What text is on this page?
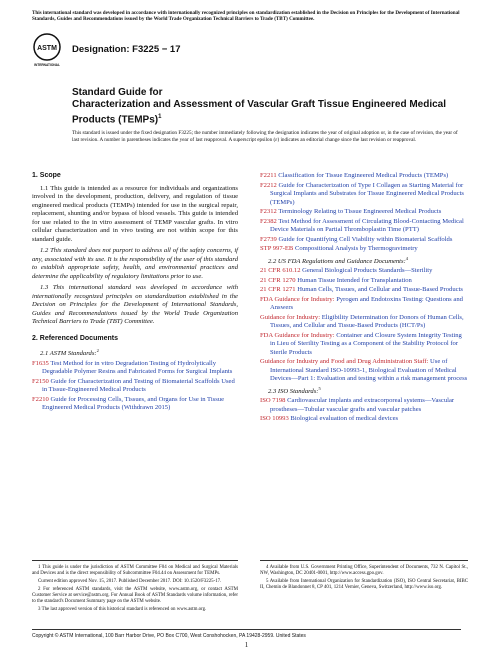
This international standard was developed in accordance with internationally recognized principles on standardization established in the Decision on Principles for the Development of International Standards, Guides and Recommendations issued by the World Trade Organization Technical Barriers to Trade (TBT) Committee.
ASTM
INTERNATIONAL
Designation: F3225 − 17
Standard Guide for
Characterization and Assessment of Vascular Graft Tissue Engineered Medical Products (TEMPs)$^1$
This standard is issued under the fixed designation F3225; the number immediately following the designation indicates the year of original adoption or, in the case of revision, the year of last revision. A number in parentheses indicates the year of last reapproval. A superscript epsilon (ε) indicates an editorial change since the last revision or reapproval.
1. Scope
1.1 This guide is intended as a resource for individuals and organizations involved in the development, production, delivery, and regulation of tissue engineered medical products (TEMPs) intended for use in the surgical repair, replacement, shunting and/or bypass of blood vessels. This guide is intended for use related to the in vitro assessment of TEMP vascular grafts. In vitro cellular characterization and in vivo testing are not within scope for this standard guide.
1.2 This standard does not purport to address all of the safety concerns, if any, associated with its use. It is the responsibility of the user of this standard to establish appropriate safety, health, and environmental practices and determine the applicability of regulatory limitations prior to use.
1.3 This international standard was developed in accordance with internationally recognized principles on standardization established in the Decision on Principles for the Development of International Standards, Guides and Recommendations issued by the World Trade Organization Technical Barriers to Trade (TBT) Committee.
2. Referenced Documents
2.1 ASTM Standards:$^2$
F1635 Test Method for in vitro Degradation Testing of Hydrolytically Degradable Polymer Resins and Fabricated Forms for Surgical Implants
F2150 Guide for Characterization and Testing of Biomaterial Scaffolds Used in Tissue-Engineered Medical Products
F2210 Guide for Processing Cells, Tissues, and Organs for Use in Tissue Engineered Medical Products (Withdrawn 2015)
F2211 Classification for Tissue Engineered Medical Products (TEMPs)
F2212 Guide for Characterization of Type I Collagen as Starting Material for Surgical Implants and Substrates for Tissue Engineered Medical Products (TEMPs)
F2312 Terminology Relating to Tissue Engineered Medical Products
F2382 Test Method for Assessment of Circulating Blood-Contacting Medical Device Materials on Partial Thromboplastin Time (PTT)
F2739 Guide for Quantifying Cell Viability within Biomaterial Scaffolds
STP 997-EB Compositional Analysis by Thermogravimetry
2.2 US FDA Regulations and Guidance Documents:$^4$
21 CFR 610.12 General Biological Products Standards—Sterility
21 CFR 1270 Human Tissue Intended for Transplantation
21 CFR 1271 Human Cells, Tissues, and Cellular and Tissue-Based Products
FDA Guidance for Industry: Pyrogen and Endotoxins Testing: Questions and Answers
Guidance for Industry: Eligibility Determination for Donors of Human Cells, Tissues, and Cellular and Tissue-Based Products (HCT/Ps)
FDA Guidance for Industry: Container and Closure System Integrity Testing in Lieu of Sterility Testing as a Component of the Stability Protocol for Sterile Products
Guidance for Industry and Food and Drug Administration Staff: Use of International Standard ISO-10993-1, Biological Evaluation of Medical Devices—Part 1: Evaluation and testing within a risk management process
2.3 ISO Standards:$^5$
ISO 7198 Cardiovascular implants and extracorporeal systems—Vascular prostheses—Tubular vascular grafts and vascular patches
ISO 10993 Biological evaluation of medical devices
1 This guide is under the jurisdiction of ASTM Committee F04 on Medical and Surgical Materials and Devices and is the direct responsibility of Subcommittee F04.44 on Assessment for TEMPs.
Current edition approved Nov. 15, 2017. Published December 2017. DOI: 10.1520/F3225-17.
2 For referenced ASTM standards, visit the ASTM website, www.astm.org, or contact ASTM Customer Service at service@astm.org. For Annual Book of ASTM Standards volume information, refer to the standard's Document Summary page on the ASTM website.
3 The last approved version of this historical standard is referenced on www.astm.org.
4 Available from U.S. Government Printing Office, Superintendent of Documents, 732 N. Capitol St., NW, Washington, DC 20401-0001, http://www.access.gpo.gov.
5 Available from International Organization for Standardization (ISO), ISO Central Secretariat, BIBC II, Chemin de Blandonnet 8, CP 401, 1214 Vernier, Geneva, Switzerland, http://www.iso.org.
Copyright © ASTM International, 100 Barr Harbor Drive, PO Box C700, West Conshohocken, PA 19428-2959. United States
1
